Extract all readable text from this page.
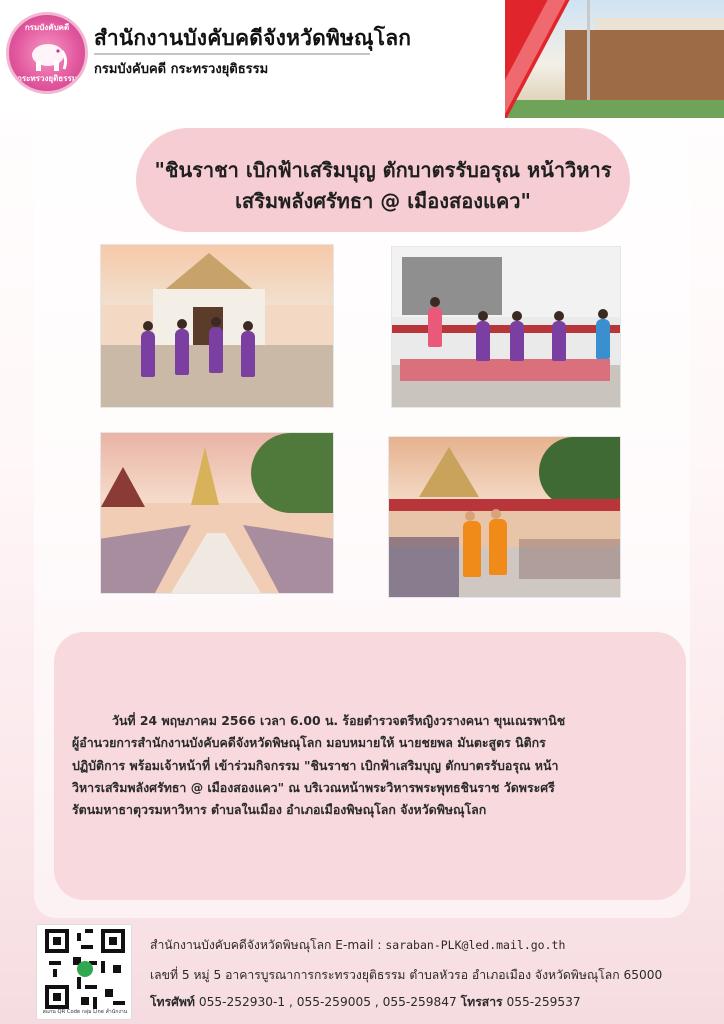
กรมบังคับคดี
กระทรวงยุติธรรม
สำนักงานบังคับคดีจังหวัดพิษณุโลก
กรมบังคับคดี กระทรวงยุติธรรม
"ชินราชา เบิกฟ้าเสริมบุญ ตักบาตรรับอรุณ หน้าวิหาร
เสริมพลังศรัทธา @ เมืองสองแคว"
วันที่ 24 พฤษภาคม 2566 เวลา 6.00 น. ร้อยตำรวจตรีหญิงวรางคนา ขุนเณรพานิช
ผู้อำนวยการสำนักงานบังคับคดีจังหวัดพิษณุโลก มอบหมายให้ นายชยพล มันตะสูตร นิติกร
ปฏิบัติการ พร้อมเจ้าหน้าที่ เข้าร่วมกิจกรรม "ชินราชา เบิกฟ้าเสริมบุญ ตักบาตรรับอรุณ หน้า
วิหารเสริมพลังศรัทธา @ เมืองสองแคว" ณ บริเวณหน้าพระวิหารพระพุทธชินราช วัดพระศรี
รัตนมหาธาตุวรมหาวิหาร ตำบลในเมือง อำเภอเมืองพิษณุโลก จังหวัดพิษณุโลก
สแกน QR Code กลุ่ม Line สำนักงาน
สำนักงานบังคับคดีจังหวัดพิษณุโลก E-mail : saraban-PLK@led.mail.go.th
เลขที่ 5 หมู่ 5 อาคารบูรณาการกระทรวงยุติธรรม ตำบลหัวรอ อำเภอเมือง จังหวัดพิษณุโลก 65000
โทรศัพท์ 055-252930-1 , 055-259005 , 055-259847 โทรสาร 055-259537
